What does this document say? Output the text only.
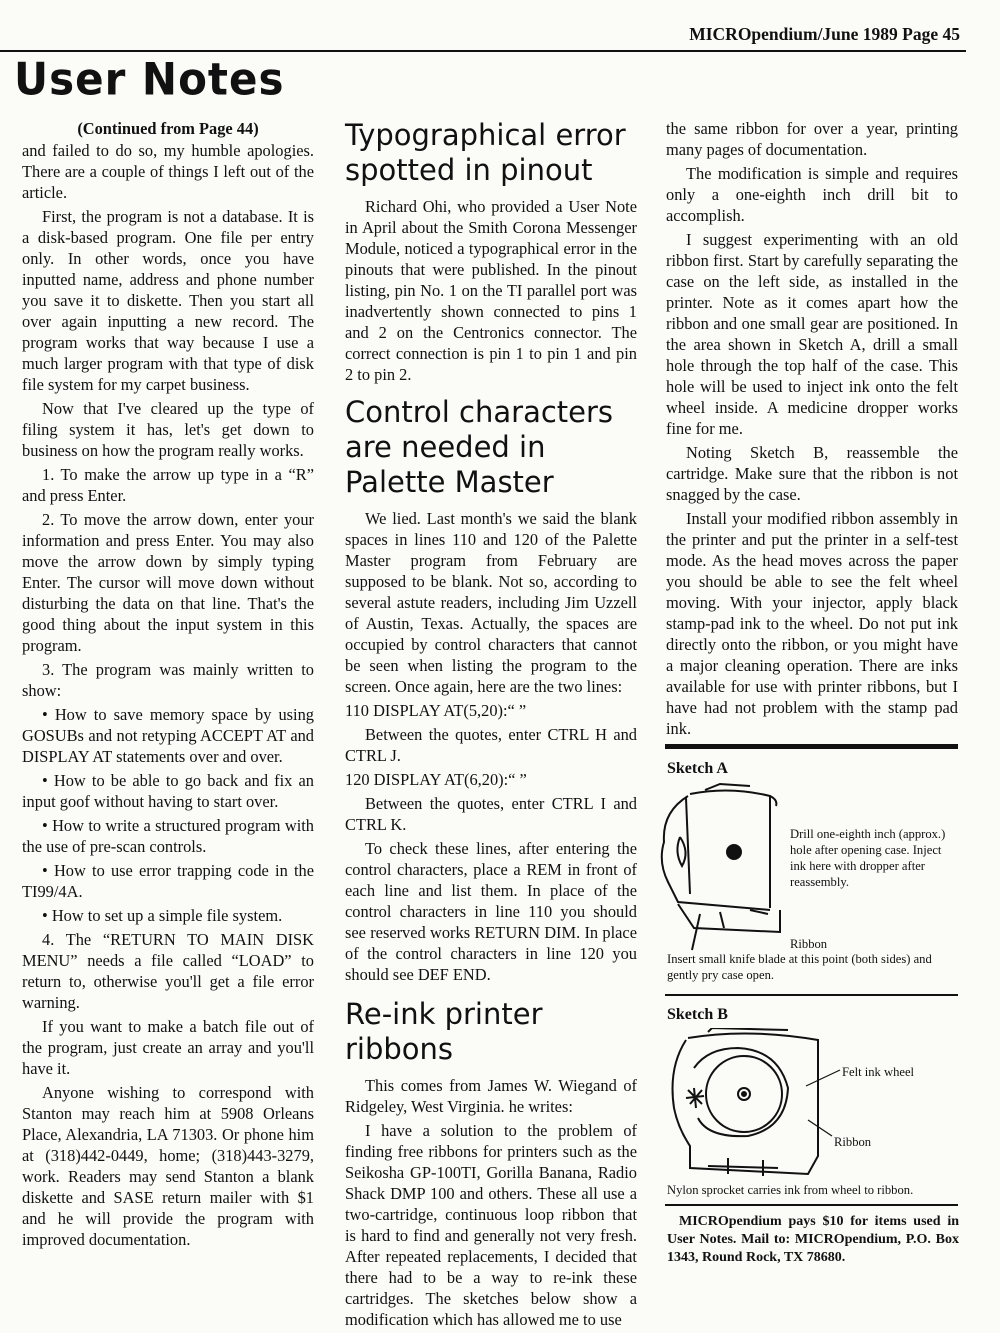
MICROpendium/June 1989 Page 45
User Notes
(Continued from Page 44)

and failed to do so, my humble apologies. There are a couple of things I left out of the article.

First, the program is not a database. It is a disk-based program. One file per entry only. In other words, once you have inputted name, address and phone number you save it to diskette. Then you start all over again inputting a new record. The program works that way because I use a much larger program with that type of disk file system for my carpet business.

Now that I've cleared up the type of filing system it has, let's get down to business on how the program really works.

1. To make the arrow up type in a “R” and press Enter.

2. To move the arrow down, enter your information and press Enter. You may also move the arrow down by simply typing Enter. The cursor will move down without disturbing the data on that line. That's the good thing about the input system in this program.

3. The program was mainly written to show:

• How to save memory space by using GOSUBs and not retyping ACCEPT AT and DISPLAY AT statements over and over.

• How to be able to go back and fix an input goof without having to start over.

• How to write a structured program with the use of pre-scan controls.

• How to use error trapping code in the TI99/4A.

• How to set up a simple file system.

4. The “RETURN TO MAIN DISK MENU” needs a file called “LOAD” to return to, otherwise you'll get a file error warning.

If you want to make a batch file out of the program, just create an array and you'll have it.

Anyone wishing to correspond with Stanton may reach him at 5908 Orleans Place, Alexandria, LA 71303. Or phone him at (318)442-0449, home; (318)443-3279, work. Readers may send Stanton a blank diskette and SASE return mailer with $1 and he will provide the program with improved documentation.

Typographical error spotted in pinout

Richard Ohi, who provided a User Note in April about the Smith Corona Messenger Module, noticed a typographical error in the pinouts that were published. In the pinout listing, pin No. 1 on the TI parallel port was inadvertently shown connected to pins 1 and 2 on the Centronics connector. The correct connection is pin 1 to pin 1 and pin 2 to pin 2.

Control characters are needed in Palette Master

We lied. Last month's we said the blank spaces in lines 110 and 120 of the Palette Master program from February are supposed to be blank. Not so, according to several astute readers, including Jim Uzzell of Austin, Texas. Actually, the spaces are occupied by control characters that cannot be seen when listing the program to the screen. Once again, here are the two lines:

110 DISPLAY AT(5,20):“ ”

Between the quotes, enter CTRL H and CTRL J.

120 DISPLAY AT(6,20):“ ”

Between the quotes, enter CTRL I and CTRL K.

To check these lines, after entering the control characters, place a REM in front of each line and list them. In place of the control characters in line 110 you should see reserved works RETURN DIM. In place of the control characters in line 120 you should see DEF END.

Re-ink printer ribbons

This comes from James W. Wiegand of Ridgeley, West Virginia. he writes:

I have a solution to the problem of finding free ribbons for printers such as the Seikosha GP-100TI, Gorilla Banana, Radio Shack DMP 100 and others. These all use a two-cartridge, continuous loop ribbon that is hard to find and generally not very fresh. After repeated replacements, I decided that there had to be a way to re-ink these cartridges. The sketches below show a modification which has allowed me to use

the same ribbon for over a year, printing many pages of documentation.

The modification is simple and requires only a one-eighth inch drill bit to accomplish.

I suggest experimenting with an old ribbon first. Start by carefully separating the case on the left side, as installed in the printer. Note as it comes apart how the ribbon and one small gear are positioned. In the area shown in Sketch A, drill a small hole through the top half of the case. This hole will be used to inject ink onto the felt wheel inside. A medicine dropper works fine for me.

Noting Sketch B, reassemble the cartridge. Make sure that the ribbon is not snagged by the case.

Install your modified ribbon assembly in the printer and put the printer in a self-test mode. As the head moves across the paper you should be able to see the felt wheel moving. With your injector, apply black stamp-pad ink to the wheel. Do not put ink directly onto the ribbon, or you might have a major cleaning operation. There are inks available for use with printer ribbons, but I have had not problem with the stamp pad ink.

Sketch A
Drill one-eighth inch (approx.) hole after opening case. Inject ink here with dropper after reassembly.
Ribbon
Insert small knife blade at this point (both sides) and gently pry case open.
Sketch B
Felt ink wheel
Ribbon
Nylon sprocket carries ink from wheel to ribbon.
MICROpendium pays $10 for items used in User Notes. Mail to: MICROpendium, P.O. Box 1343, Round Rock, TX 78680.
